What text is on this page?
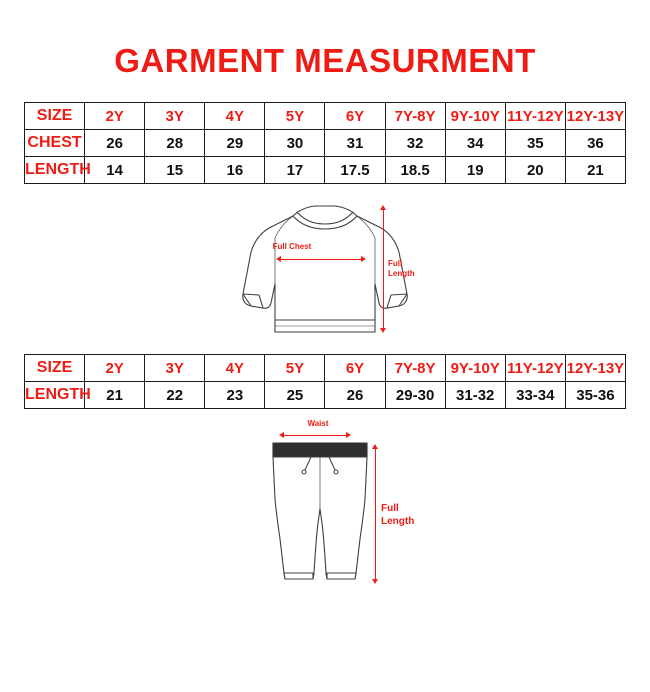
GARMENT MEASURMENT
SIZE	2Y	3Y	4Y	5Y	6Y	7Y-8Y	9Y-10Y	11Y-12Y	12Y-13Y
CHEST	26	28	29	30	31	32	34	35	36
LENGTH	14	15	16	17	17.5	18.5	19	20	21
Full Chest
Full
Length
SIZE	2Y	3Y	4Y	5Y	6Y	7Y-8Y	9Y-10Y	11Y-12Y	12Y-13Y
LENGTH	21	22	23	25	26	29-30	31-32	33-34	35-36
Waist
Full
Length
